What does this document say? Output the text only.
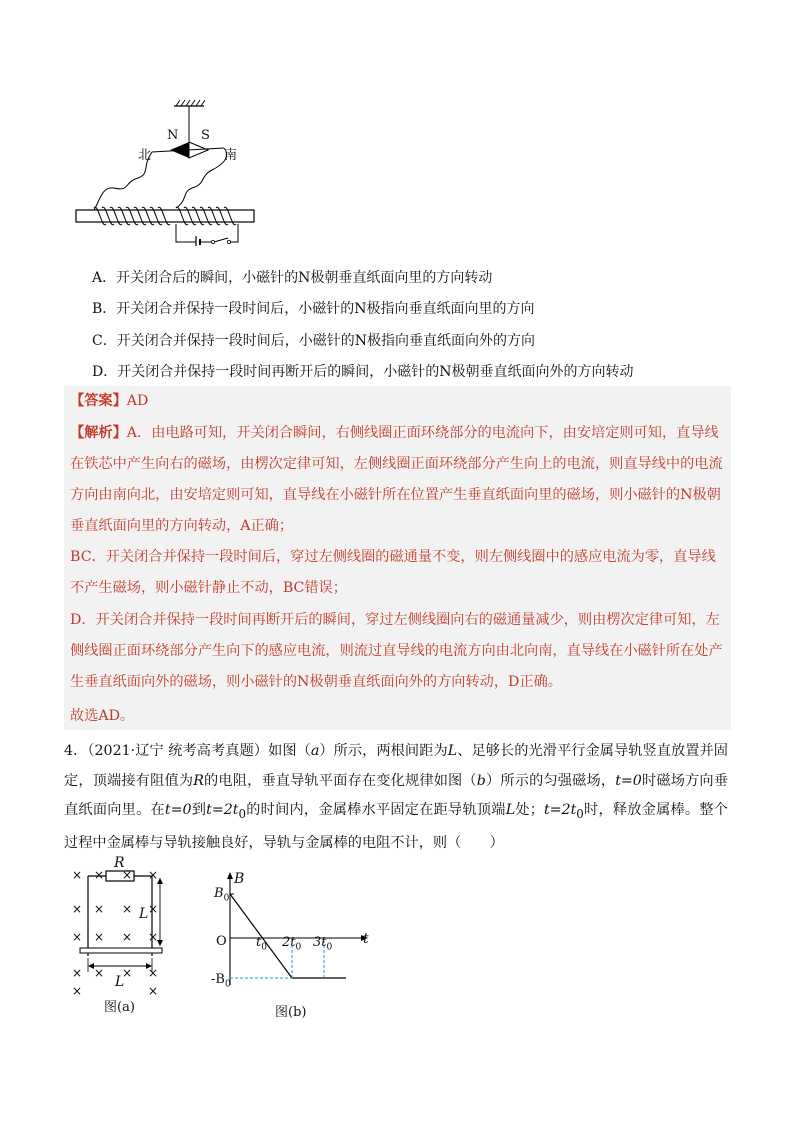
N S
北	南
A．开关闭合后的瞬间，小磁针的N极朝垂直纸面向里的方向转动
B．开关闭合并保持一段时间后，小磁针的N极指向垂直纸面向里的方向
C．开关闭合并保持一段时间后，小磁针的N极指向垂直纸面向外的方向
D．开关闭合并保持一段时间再断开后的瞬间，小磁针的N极朝垂直纸面向外的方向转动
【答案】AD
【解析】A．由电路可知，开关闭合瞬间，右侧线圈正面环绕部分的电流向下，由安培定则可知，直导线在铁芯中产生向右的磁场，由楞次定律可知，左侧线圈正面环绕部分产生向上的电流，则直导线中的电流方向由南向北，由安培定则可知，直导线在小磁针所在位置产生垂直纸面向里的磁场，则小磁针的N极朝垂直纸面向里的方向转动，A正确；
BC．开关闭合并保持一段时间后，穿过左侧线圈的磁通量不变，则左侧线圈中的感应电流为零，直导线不产生磁场，则小磁针静止不动，BC错误；
D．开关闭合并保持一段时间再断开后的瞬间，穿过左侧线圈向右的磁通量减少，则由楞次定律可知，左侧线圈正面环绕部分产生向下的感应电流，则流过直导线的电流方向由北向南，直导线在小磁针所在处产生垂直纸面向外的磁场，则小磁针的N极朝垂直纸面向外的方向转动，D正确。
故选AD。
4．（2021·辽宁 统考高考真题）如图（a）所示，两根间距为L、足够长的光滑平行金属导轨竖直放置并固定，顶端接有阻值为R的电阻，垂直导轨平面存在变化规律如图（b）所示的匀强磁场，t=0时磁场方向垂直纸面向里。在t=0到$t=2t_0$的时间内，金属棒水平固定在距导轨顶端L处；$t=2t_0$时，释放金属棒。整个过程中金属棒与导轨接触良好，导轨与金属棒的电阻不计，则（　　）
R
L
L
× × × ×
× × × ×
× × × ×
× × × ×
×	×
图(a)
B
t
O
$B_0$
$-B_0$
$t_0$ $2t_0$ $3t_0$
图(b)
